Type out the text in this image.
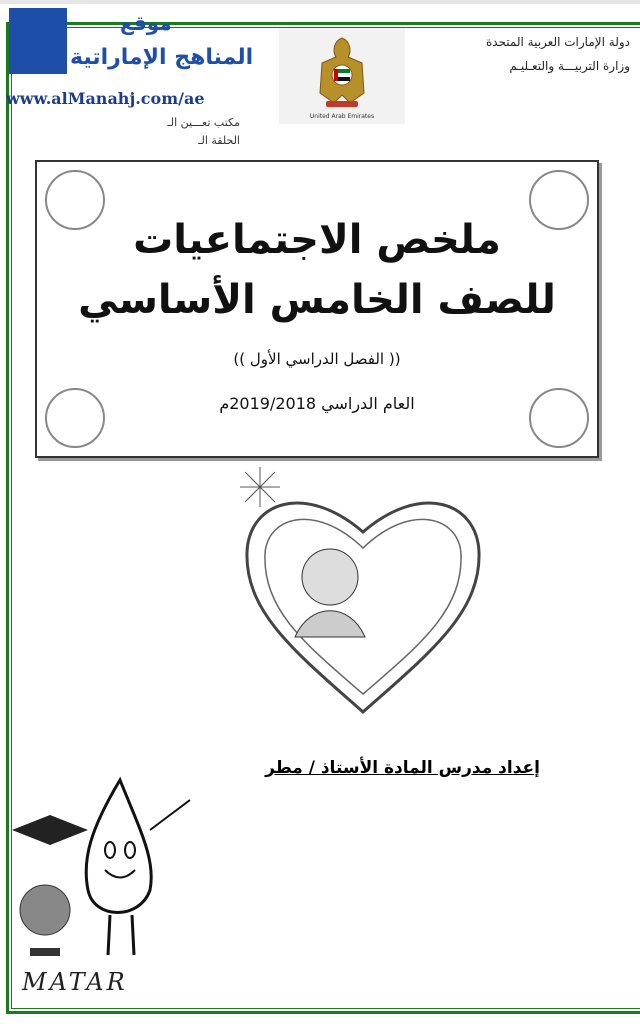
دولة الإمارات العربية المتحدة
وزارة التربيـــة والتعـليـم
United Arab Emirates
موقع
المناهج الإماراتية
www.alManahj.com/ae
مكتب تعـــين الـ
الحلقة الـ
ملخص الاجتماعيات
للصف الخامس الأساسي
(( الفصل الدراسي الأول ))
العام الدراسي 2019/2018م
إعداد مدرس المادة الأستاذ / مطر
MATAR
